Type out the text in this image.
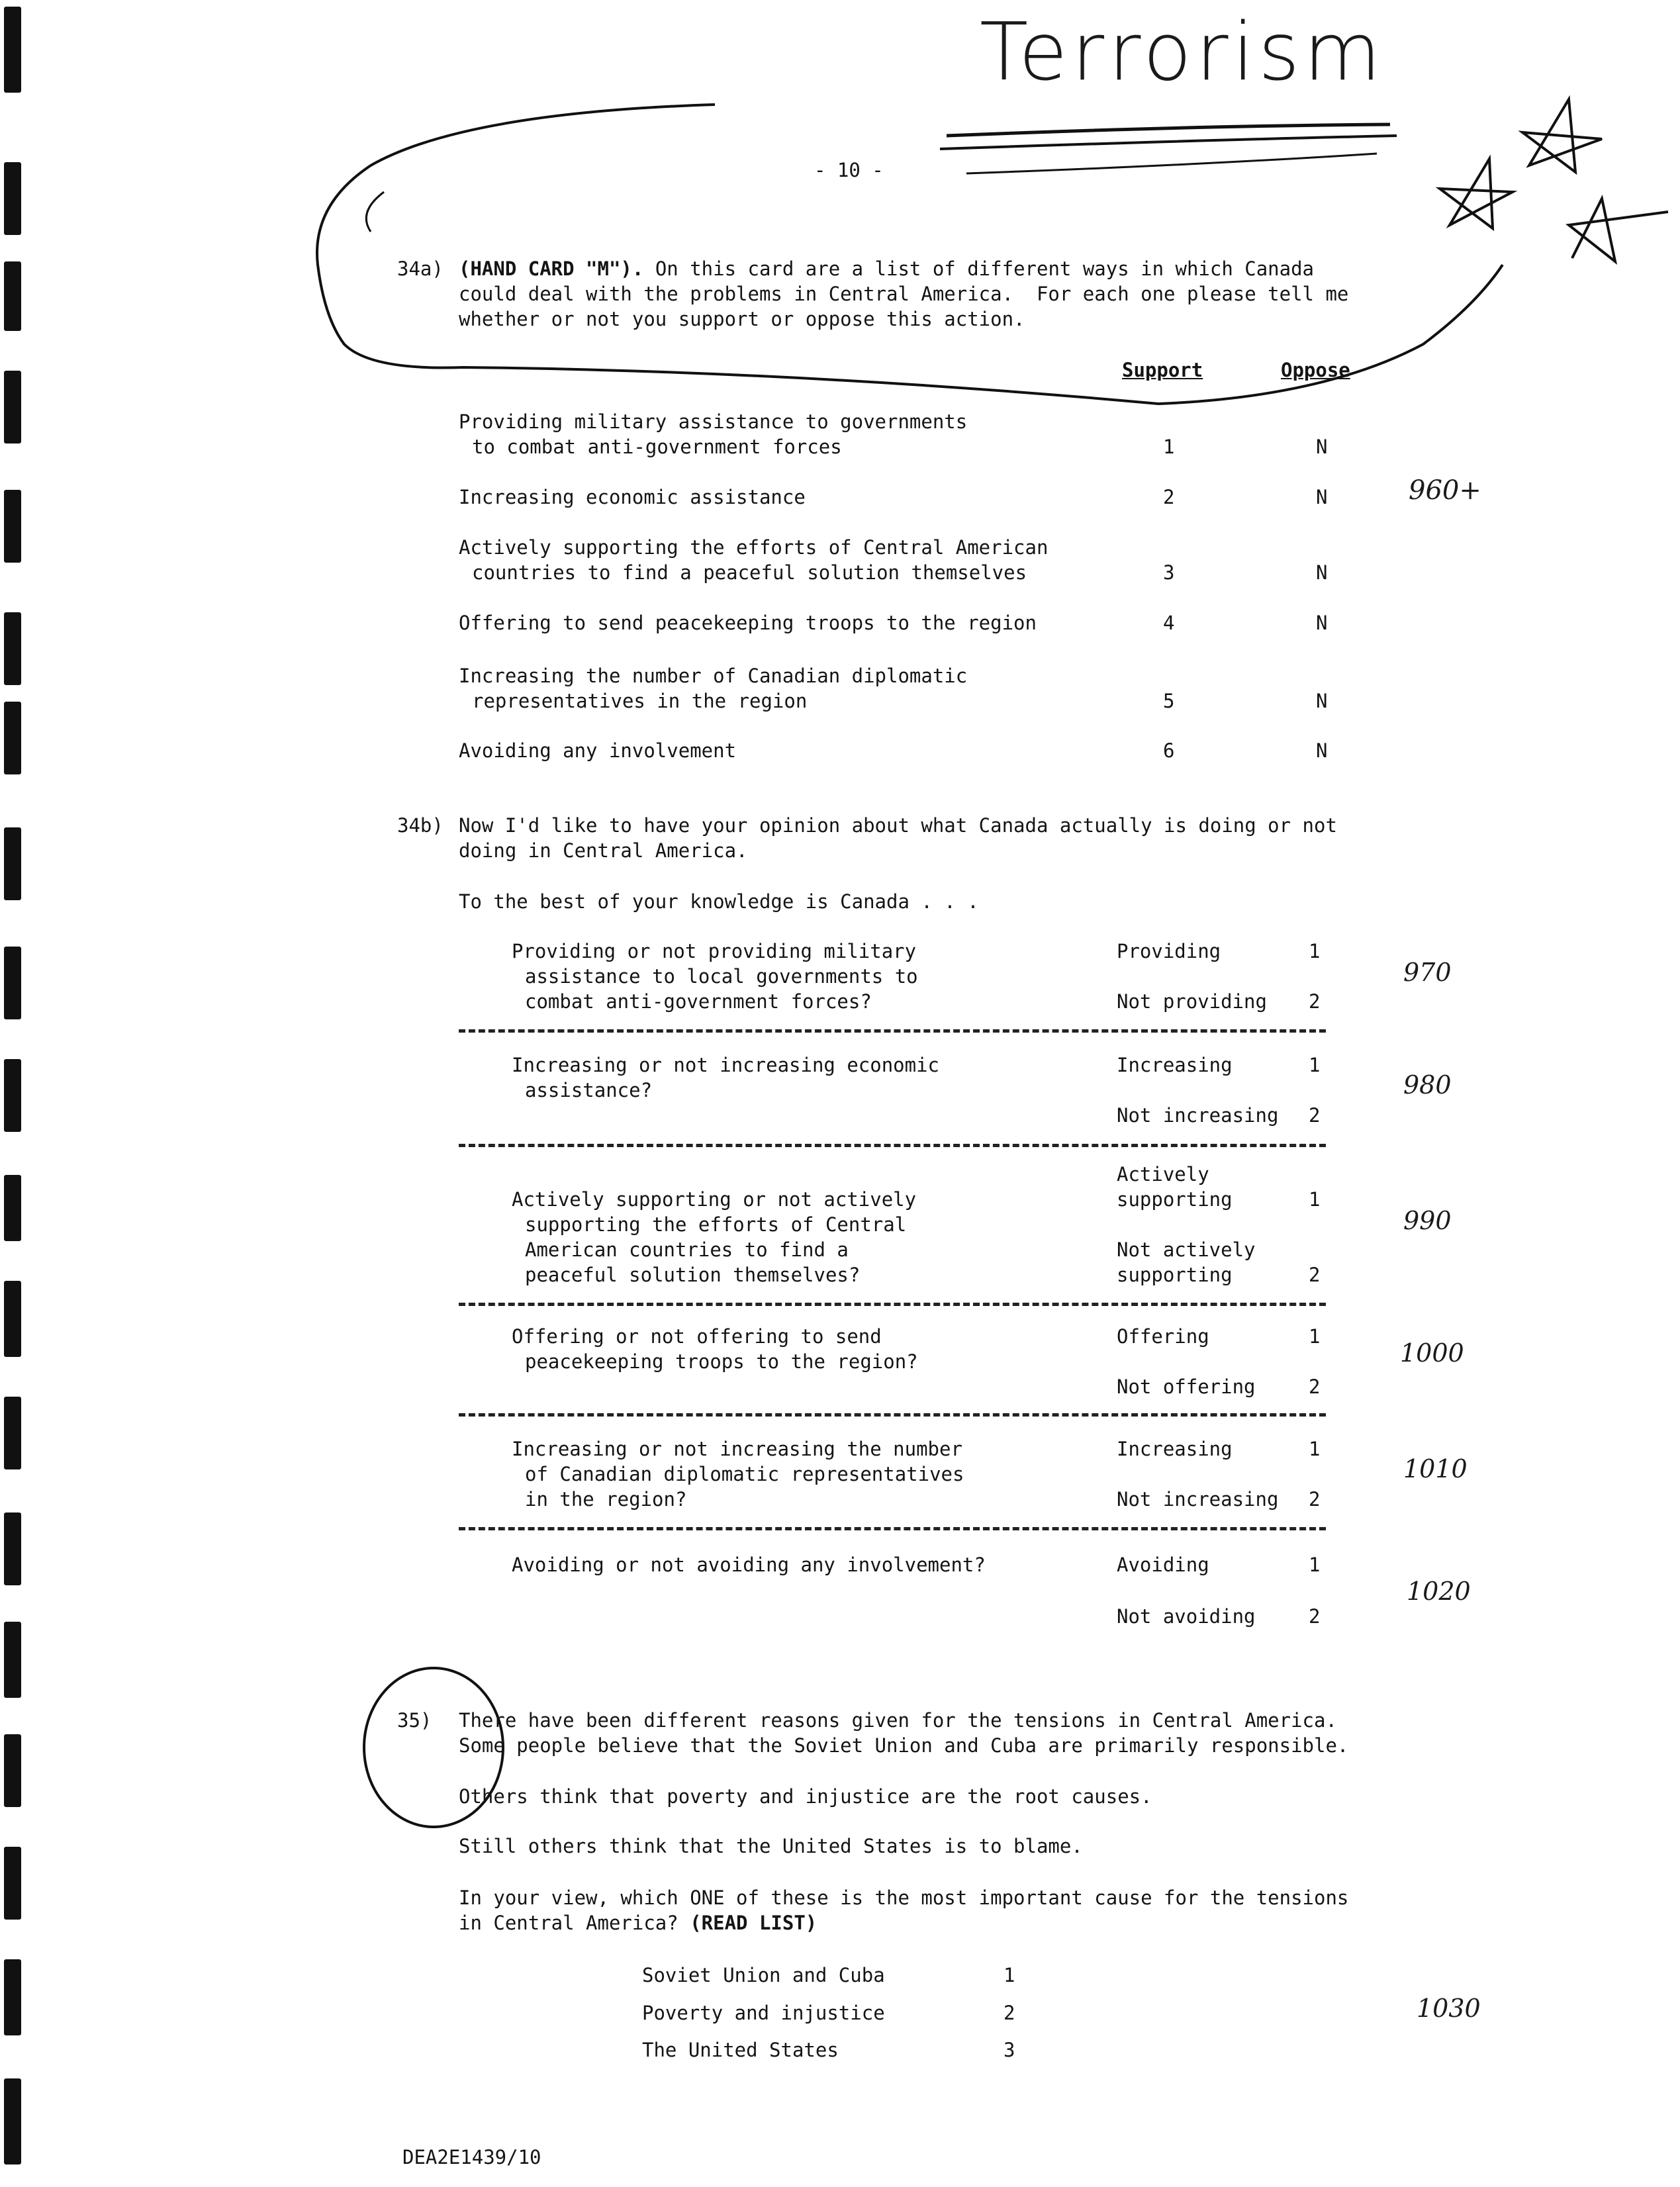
Terrorism
- 10 -
34a) (HAND CARD "M"). On this card are a list of different ways in which Canada
could deal with the problems in Central America.  For each one please tell me
whether or not you support or oppose this action.
Support	Oppose
Providing military assistance to governments
to combat anti-government forces	1	N
Increasing economic assistance	2	N	960+
Actively supporting the efforts of Central American
countries to find a peaceful solution themselves	3	N
Offering to send peacekeeping troops to the region	4	N
Increasing the number of Canadian diplomatic
representatives in the region	5	N
Avoiding any involvement	6	N
34b) Now I'd like to have your opinion about what Canada actually is doing or not
doing in Central America.
To the best of your knowledge is Canada . . .
Providing or not providing military
assistance to local governments to
combat anti-government forces?
Providing	1
Not providing 2
970
Increasing or not increasing economic
assistance?
Increasing	1
Not increasing 2
980
Actively supporting or not actively
supporting the efforts of Central
American countries to find a
peaceful solution themselves?
Actively
supporting	1
Not actively
supporting	2
990
Offering or not offering to send
peacekeeping troops to the region?
Offering	1
Not offering	2
1000
Increasing or not increasing the number
of Canadian diplomatic representatives
in the region?
Increasing	1
Not increasing 2
1010
Avoiding or not avoiding any involvement?	Avoiding	1
Not avoiding	2
1020
35) There have been different reasons given for the tensions in Central America.
Some people believe that the Soviet Union and Cuba are primarily responsible.
Others think that poverty and injustice are the root causes.
Still others think that the United States is to blame.
In your view, which ONE of these is the most important cause for the tensions
in Central America? (READ LIST)
Soviet Union and Cuba	1
Poverty and injustice	2
The United States	3
1030
DEA2E1439/10
